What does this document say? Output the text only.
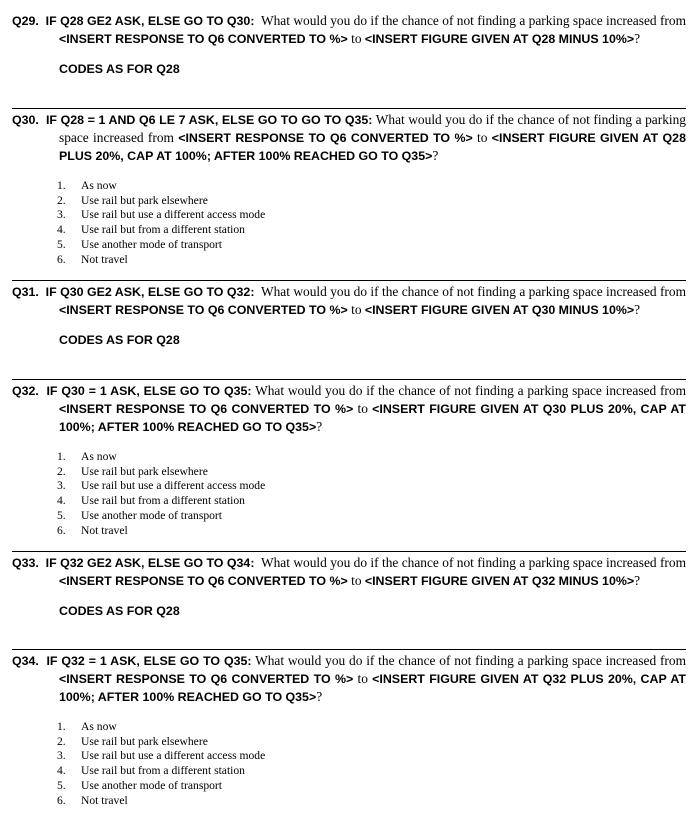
Q29. IF Q28 GE2 ASK, ELSE GO TO Q30: What would you do if the chance of not finding a parking space increased from <INSERT RESPONSE TO Q6 CONVERTED TO %> to <INSERT FIGURE GIVEN AT Q28 MINUS 10%>?

CODES AS FOR Q28

Q30. IF Q28 = 1 AND Q6 LE 7 ASK, ELSE GO TO GO TO Q35: What would you do if the chance of not finding a parking space increased from <INSERT RESPONSE TO Q6 CONVERTED TO %> to <INSERT FIGURE GIVEN AT Q28 PLUS 20%, CAP AT 100%; AFTER 100% REACHED GO TO Q35>?

1. As now
2. Use rail but park elsewhere
3. Use rail but use a different access mode
4. Use rail but from a different station
5. Use another mode of transport
6. Not travel

Q31. IF Q30 GE2 ASK, ELSE GO TO Q32: What would you do if the chance of not finding a parking space increased from <INSERT RESPONSE TO Q6 CONVERTED TO %> to <INSERT FIGURE GIVEN AT Q30 MINUS 10%>?

CODES AS FOR Q28

Q32. IF Q30 = 1 ASK, ELSE GO TO Q35: What would you do if the chance of not finding a parking space increased from <INSERT RESPONSE TO Q6 CONVERTED TO %> to <INSERT FIGURE GIVEN AT Q30 PLUS 20%, CAP AT 100%; AFTER 100% REACHED GO TO Q35>?

1. As now
2. Use rail but park elsewhere
3. Use rail but use a different access mode
4. Use rail but from a different station
5. Use another mode of transport
6. Not travel

Q33. IF Q32 GE2 ASK, ELSE GO TO Q34: What would you do if the chance of not finding a parking space increased from <INSERT RESPONSE TO Q6 CONVERTED TO %> to <INSERT FIGURE GIVEN AT Q32 MINUS 10%>?

CODES AS FOR Q28

Q34. IF Q32 = 1 ASK, ELSE GO TO Q35: What would you do if the chance of not finding a parking space increased from <INSERT RESPONSE TO Q6 CONVERTED TO %> to <INSERT FIGURE GIVEN AT Q32 PLUS 20%, CAP AT 100%; AFTER 100% REACHED GO TO Q35>?

1. As now
2. Use rail but park elsewhere
3. Use rail but use a different access mode
4. Use rail but from a different station
5. Use another mode of transport
6. Not travel
